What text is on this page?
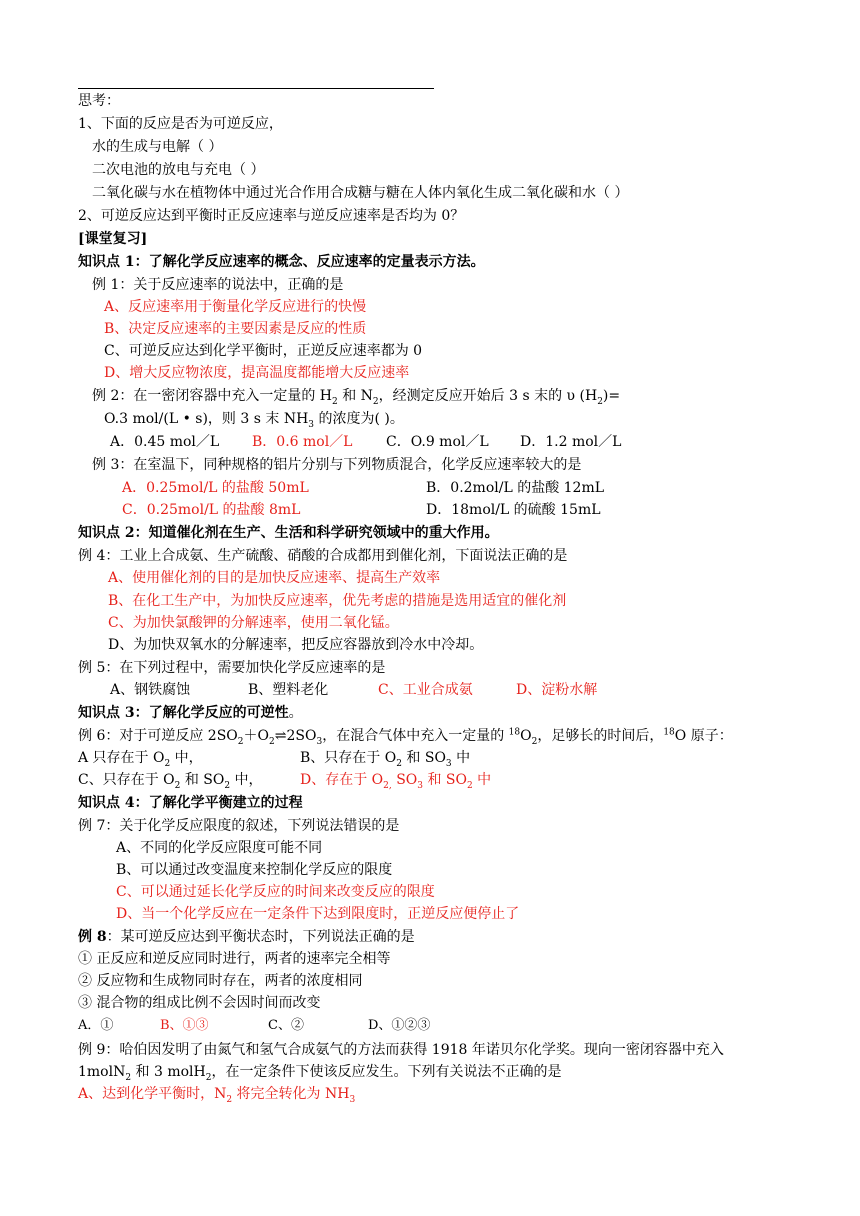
思考：
1、下面的反应是否为可逆反应，
水的生成与电解（ ）
二次电池的放电与充电（ ）
二氧化碳与水在植物体中通过光合作用合成糖与糖在人体内氧化生成二氧化碳和水（ ）
2、可逆反应达到平衡时正反应速率与逆反应速率是否均为 0？
[课堂复习]
知识点 1：了解化学反应速率的概念、反应速率的定量表示方法。
例 1：关于反应速率的说法中，正确的是
A、反应速率用于衡量化学反应进行的快慢
B、决定反应速率的主要因素是反应的性质
C、可逆反应达到化学平衡时，正逆反应速率都为 0
D、增大反应物浓度，提高温度都能增大反应速率
例 2：在一密闭容器中充入一定量的 $H_2$ 和 $N_2$，经测定反应开始后 3 s 末的 υ $(H_2)=$
O.3 mol/(L • s)，则 3 s 末 $NH_3$ 的浓度为( )。
A．0.45 mol／L B．0.6 mol／L C．O.9 mol／L D．1.2 mol／L
例 3：在室温下，同种规格的铝片分别与下列物质混合，化学反应速率较大的是
A．0.25mol/L 的盐酸 50mL	B．0.2mol/L 的盐酸 12mL
C．0.25mol/L 的盐酸 8mL	D．18mol/L 的硫酸 15mL
知识点 2：知道催化剂在生产、生活和科学研究领域中的重大作用。
例 4：工业上合成氨、生产硫酸、硝酸的合成都用到催化剂，下面说法正确的是
A、使用催化剂的目的是加快反应速率、提高生产效率
B、在化工生产中，为加快反应速率，优先考虑的措施是选用适宜的催化剂
C、为加快氯酸钾的分解速率，使用二氧化锰。
D、为加快双氧水的分解速率，把反应容器放到冷水中冷却。
例 5：在下列过程中，需要加快化学反应速率的是
A、钢铁腐蚀	B、塑料老化	C、工业合成氨	D、淀粉水解
知识点 3：了解化学反应的可逆性。
例 6：对于可逆反应 $2SO_2+O_2\rightleftharpoons 2SO_3$，在混合气体中充入一定量的 $^{18}O_2$，足够长的时间后，$^{18}$O 原子：
A 只存在于 $O_2$ 中，	B、只存在于 $O_2$ 和 $SO_3$ 中
C、只存在于 $O_2$ 和 $SO_2$ 中，	D、存在于 $O_{2,}$ $SO_3$ 和 $SO_2$ 中
知识点 4：了解化学平衡建立的过程
例 7：关于化学反应限度的叙述，下列说法错误的是
A、不同的化学反应限度可能不同
B、可以通过改变温度来控制化学反应的限度
C、可以通过延长化学反应的时间来改变反应的限度
D、当一个化学反应在一定条件下达到限度时，正逆反应便停止了
例 8：某可逆反应达到平衡状态时，下列说法正确的是
① 正反应和逆反应同时进行，两者的速率完全相等
② 反应物和生成物同时存在，两者的浓度相同
③ 混合物的组成比例不会因时间而改变
A．①	B、①③	C、②	D、①②③
例 9：哈伯因发明了由氮气和氢气合成氨气的方法而获得 1918 年诺贝尔化学奖。现向一密闭容器中充入
1molN$_2$ 和 3 molH$_2$，在一定条件下使该反应发生。下列有关说法不正确的是
A、达到化学平衡时，$N_2$ 将完全转化为 $NH_3$
